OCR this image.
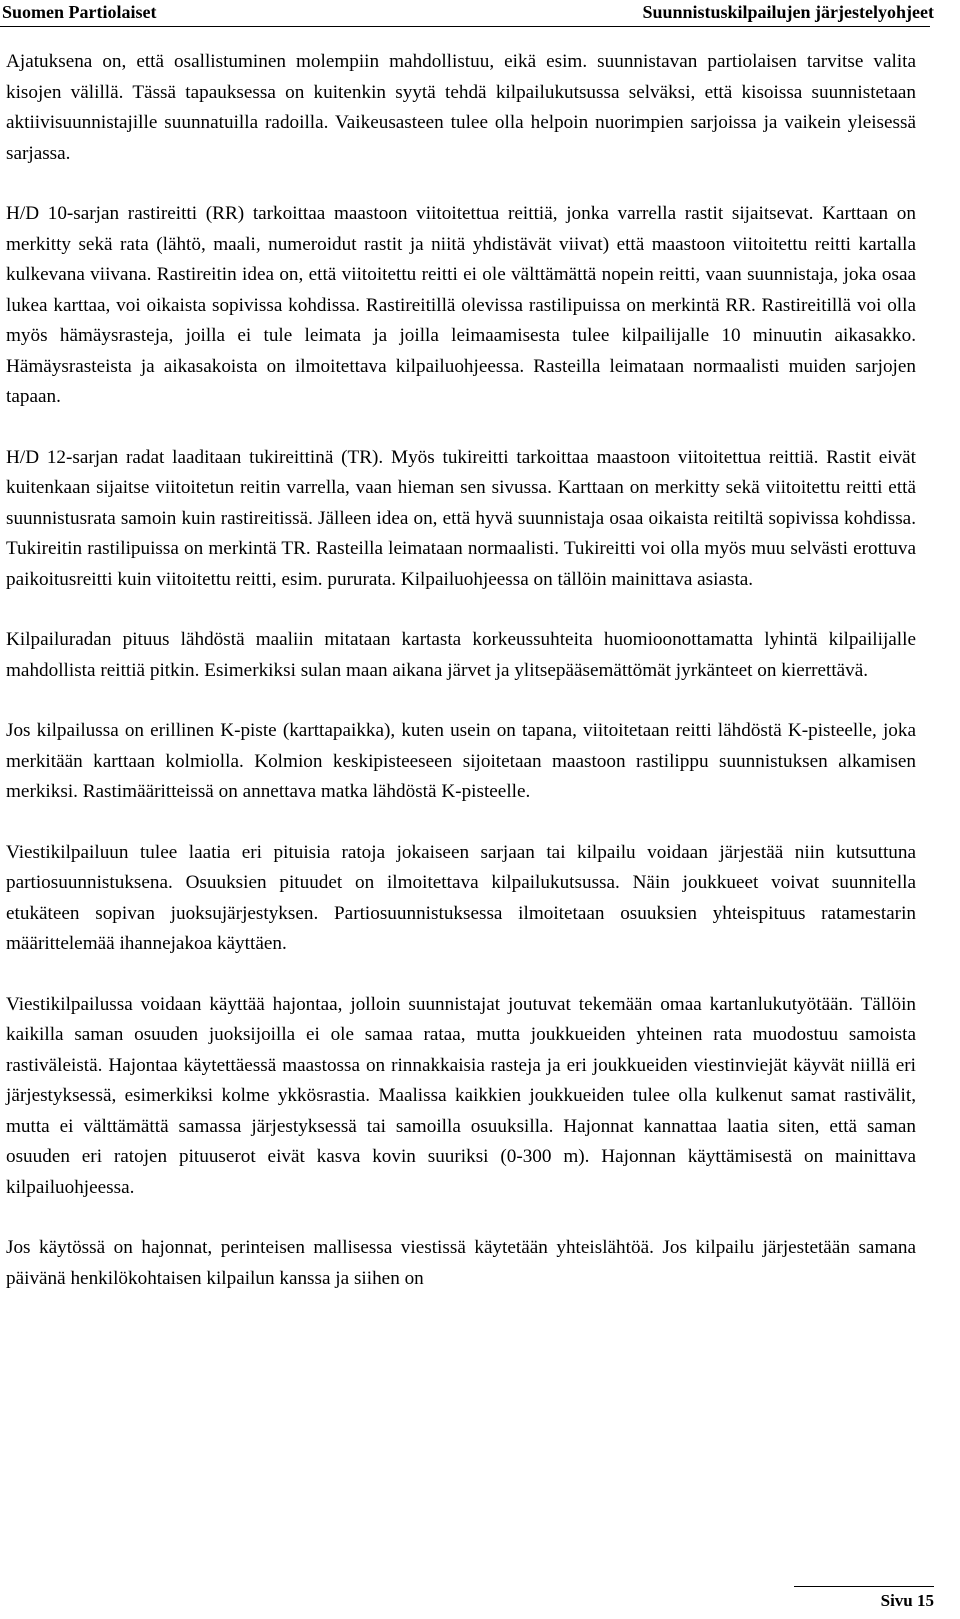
Suomen Partiolaiset	Suunnistuskilpailujen järjestelyohjeet

Ajatuksena on, että osallistuminen molempiin mahdollistuu, eikä esim. suunnistavan partiolaisen tarvitse valita kisojen välillä. Tässä tapauksessa on kuitenkin syytä tehdä kilpailukutsussa selväksi, että kisoissa suunnistetaan aktiivisuunnistajille suunnatuilla radoilla. Vaikeusasteen tulee olla helpoin nuorimpien sarjoissa ja vaikein yleisessä sarjassa.

H/D 10-sarjan rastireitti (RR) tarkoittaa maastoon viitoitettua reittiä, jonka varrella rastit sijaitsevat. Karttaan on merkitty sekä rata (lähtö, maali, numeroidut rastit ja niitä yhdistävät viivat) että maastoon viitoitettu reitti kartalla kulkevana viivana. Rastireitin idea on, että viitoitettu reitti ei ole välttämättä nopein reitti, vaan suunnistaja, joka osaa lukea karttaa, voi oikaista sopivissa kohdissa. Rastireitillä olevissa rastilipuissa on merkintä RR. Rastireitillä voi olla myös hämäysrasteja, joilla ei tule leimata ja joilla leimaamisesta tulee kilpailijalle 10 minuutin aikasakko. Hämäysrasteista ja aikasakoista on ilmoitettava kilpailuohjeessa. Rasteilla leimataan normaalisti muiden sarjojen tapaan.

H/D 12-sarjan radat laaditaan tukireittinä (TR). Myös tukireitti tarkoittaa maastoon viitoitettua reittiä. Rastit eivät kuitenkaan sijaitse viitoitetun reitin varrella, vaan hieman sen sivussa. Karttaan on merkitty sekä viitoitettu reitti että suunnistusrata samoin kuin rastireitissä. Jälleen idea on, että hyvä suunnistaja osaa oikaista reitiltä sopivissa kohdissa. Tukireitin rastilipuissa on merkintä TR. Rasteilla leimataan normaalisti. Tukireitti voi olla myös muu selvästi erottuva paikoitusreitti kuin viitoitettu reitti, esim. pururata. Kilpailuohjeessa on tällöin mainittava asiasta.

Kilpailuradan pituus lähdöstä maaliin mitataan kartasta korkeussuhteita huomioonottamatta lyhintä kilpailijalle mahdollista reittiä pitkin. Esimerkiksi sulan maan aikana järvet ja ylitsepääsemättömät jyrkänteet on kierrettävä.

Jos kilpailussa on erillinen K-piste (karttapaikka), kuten usein on tapana, viitoitetaan reitti lähdöstä K-pisteelle, joka merkitään karttaan kolmiolla. Kolmion keskipisteeseen sijoitetaan maastoon rastilippu suunnistuksen alkamisen merkiksi. Rastimääritteissä on annettava matka lähdöstä K-pisteelle.

Viestikilpailuun tulee laatia eri pituisia ratoja jokaiseen sarjaan tai kilpailu voidaan järjestää niin kutsuttuna partiosuunnistuksena. Osuuksien pituudet on ilmoitettava kilpailukutsussa. Näin joukkueet voivat suunnitella etukäteen sopivan juoksujärjestyksen. Partiosuunnistuksessa ilmoitetaan osuuksien yhteispituus ratamestarin määrittelemää ihannejakoa käyttäen.

Viestikilpailussa voidaan käyttää hajontaa, jolloin suunnistajat joutuvat tekemään omaa kartanlukutyötään. Tällöin kaikilla saman osuuden juoksijoilla ei ole samaa rataa, mutta joukkueiden yhteinen rata muodostuu samoista rastiväleistä. Hajontaa käytettäessä maastossa on rinnakkaisia rasteja ja eri joukkueiden viestinviejät käyvät niillä eri järjestyksessä, esimerkiksi kolme ykkösrastia. Maalissa kaikkien joukkueiden tulee olla kulkenut samat rastivälit, mutta ei välttämättä samassa järjestyksessä tai samoilla osuuksilla. Hajonnat kannattaa laatia siten, että saman osuuden eri ratojen pituuserot eivät kasva kovin suuriksi (0-300 m). Hajonnan käyttämisestä on mainittava kilpailuohjeessa.

Jos käytössä on hajonnat, perinteisen mallisessa viestissä käytetään yhteislähtöä. Jos kilpailu järjestetään samana päivänä henkilökohtaisen kilpailun kanssa ja siihen on

Sivu 15
